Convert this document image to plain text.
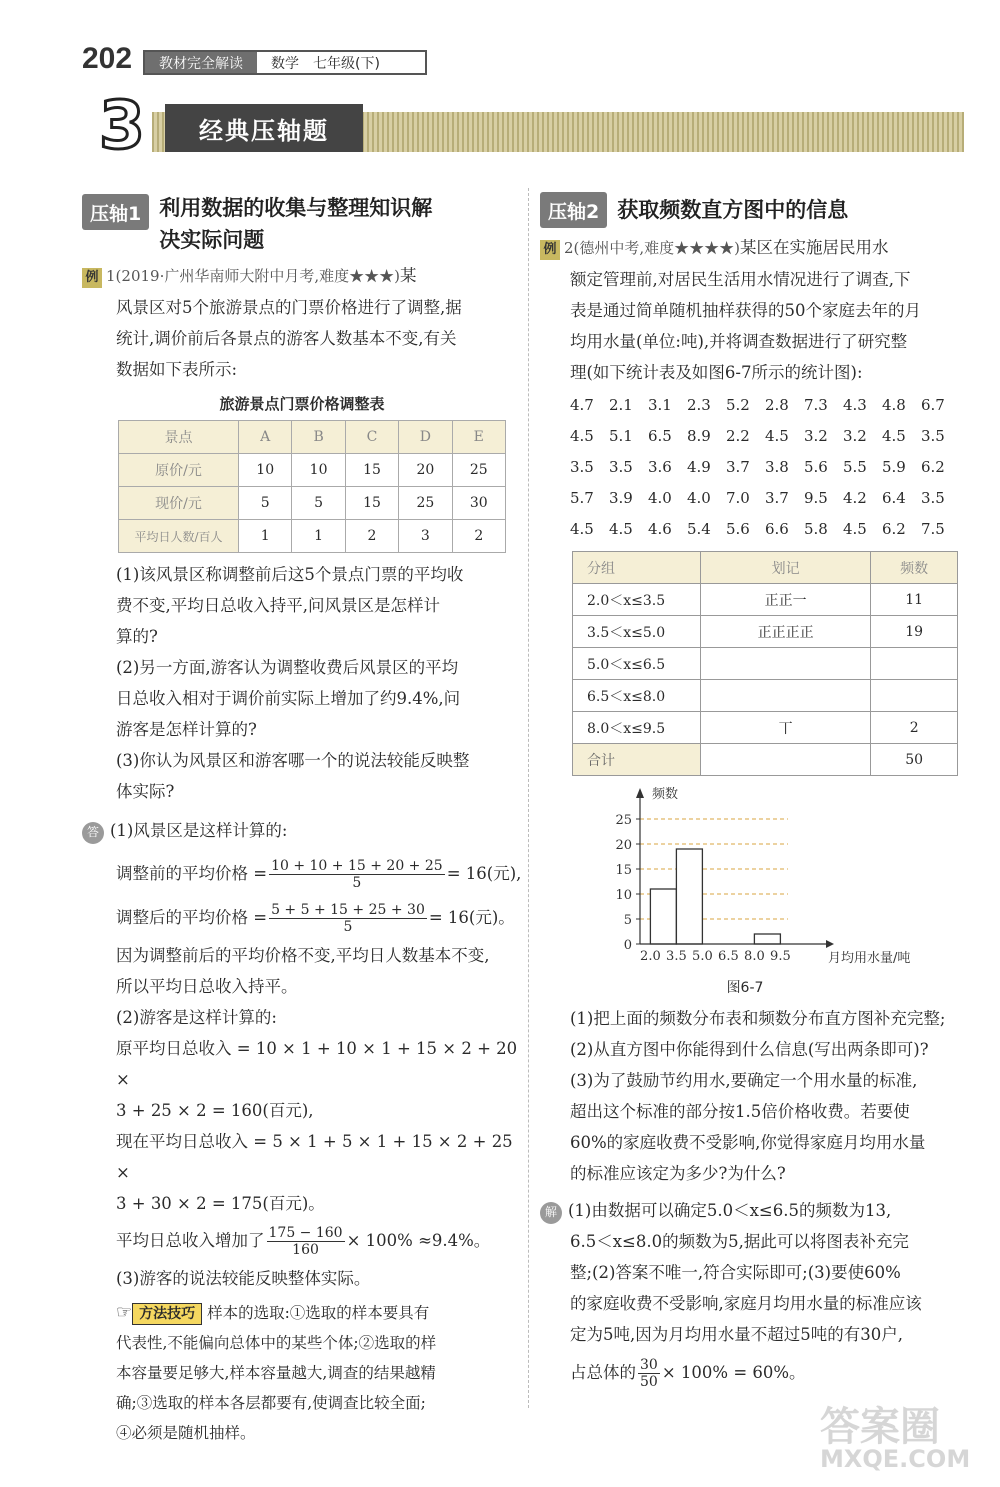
202	教材完全解读	数学　七年级(下)
3	经典压轴题
压轴1 利用数据的收集与整理知识解
决实际问题
例 1(2019·广州华南师大附中月考,难度★★★)某
风景区对5个旅游景点的门票价格进行了调整,据
统计,调价前后各景点的游客人数基本不变,有关
数据如下表所示:
旅游景点门票价格调整表
景点	A	B	C	D	E
原价/元	10	10	15	20	25
现价/元	5	5	15	25	30
平均日人数/百人	1	1	2	3	2
(1)该风景区称调整前后这5个景点门票的平均收
费不变,平均日总收入持平,问风景区是怎样计
算的?
(2)另一方面,游客认为调整收费后风景区的平均
日总收入相对于调价前实际上增加了约9.4%,问
游客是怎样计算的?
(3)你认为风景区和游客哪一个的说法较能反映整
体实际?
答 (1)风景区是这样计算的:
调整前的平均价格 = $\frac{10 + 10 + 15 + 20 + 25}{5} = 16$(元),
调整后的平均价格 = $\frac{5 + 5 + 15 + 25 + 30}{5} = 16$(元)。
因为调整前后的平均价格不变,平均日人数基本不变,
所以平均日总收入持平。
(2)游客是这样计算的:
原平均日总收入 = 10 × 1 + 10 × 1 + 15 × 2 + 20 ×
3 + 25 × 2 = 160(百元),
现在平均日总收入 = 5 × 1 + 5 × 1 + 15 × 2 + 25 ×
3 + 30 × 2 = 175(百元)。
平均日总收入增加了 $\frac{175 - 160}{160} \times 100\% \approx 9.4\%$。
(3)游客的说法较能反映整体实际。
☞ 方法技巧 样本的选取:①选取的样本要具有
代表性,不能偏向总体中的某些个体;②选取的样
本容量要足够大,样本容量越大,调查的结果越精
确;③选取的样本各层都要有,使调查比较全面;
④必须是随机抽样。
压轴2 获取频数直方图中的信息
例 2(德州中考,难度★★★★)某区在实施居民用水
额定管理前,对居民生活用水情况进行了调查,下
表是通过简单随机抽样获得的50个家庭去年的月
均用水量(单位:吨),并将调查数据进行了研究整
理(如下统计表及如图6-7所示的统计图):
4.7	2.1	3.1	2.3	5.2	2.8	7.3	4.3	4.8	6.7
4.5	5.1	6.5	8.9	2.2	4.5	3.2	3.2	4.5	3.5
3.5	3.5	3.6	4.9	3.7	3.8	5.6	5.5	5.9	6.2
5.7	3.9	4.0	4.0	7.0	3.7	9.5	4.2	6.4	3.5
4.5	4.5	4.6	5.4	5.6	6.6	5.8	4.5	6.2	7.5
分组	划记	频数
2.0＜x≤3.5	正正一	11
3.5＜x≤5.0	正正正正	19
5.0＜x≤6.5		
6.5＜x≤8.0		
8.0＜x≤9.5	丅	2
合计		50
0
5
10
15
20
25
2.0 3.5 5.0 6.5 8.0 9.5
频数
月均用水量/吨
图6-7
(1)把上面的频数分布表和频数分布直方图补充完整;
(2)从直方图中你能得到什么信息(写出两条即可)?
(3)为了鼓励节约用水,要确定一个用水量的标准,
超出这个标准的部分按1.5倍价格收费。若要使
60%的家庭收费不受影响,你觉得家庭月均用水量
的标准应该定为多少?为什么?
解 (1)由数据可以确定5.0＜x≤6.5的频数为13,
6.5＜x≤8.0的频数为5,据此可以将图表补充完
整;(2)答案不唯一,符合实际即可;(3)要使60%
的家庭收费不受影响,家庭月均用水量的标准应该
定为5吨,因为月均用水量不超过5吨的有30户,
占总体的 $\frac{30}{50} \times 100\% = 60\%$。
答案圈
MXQE.COM
